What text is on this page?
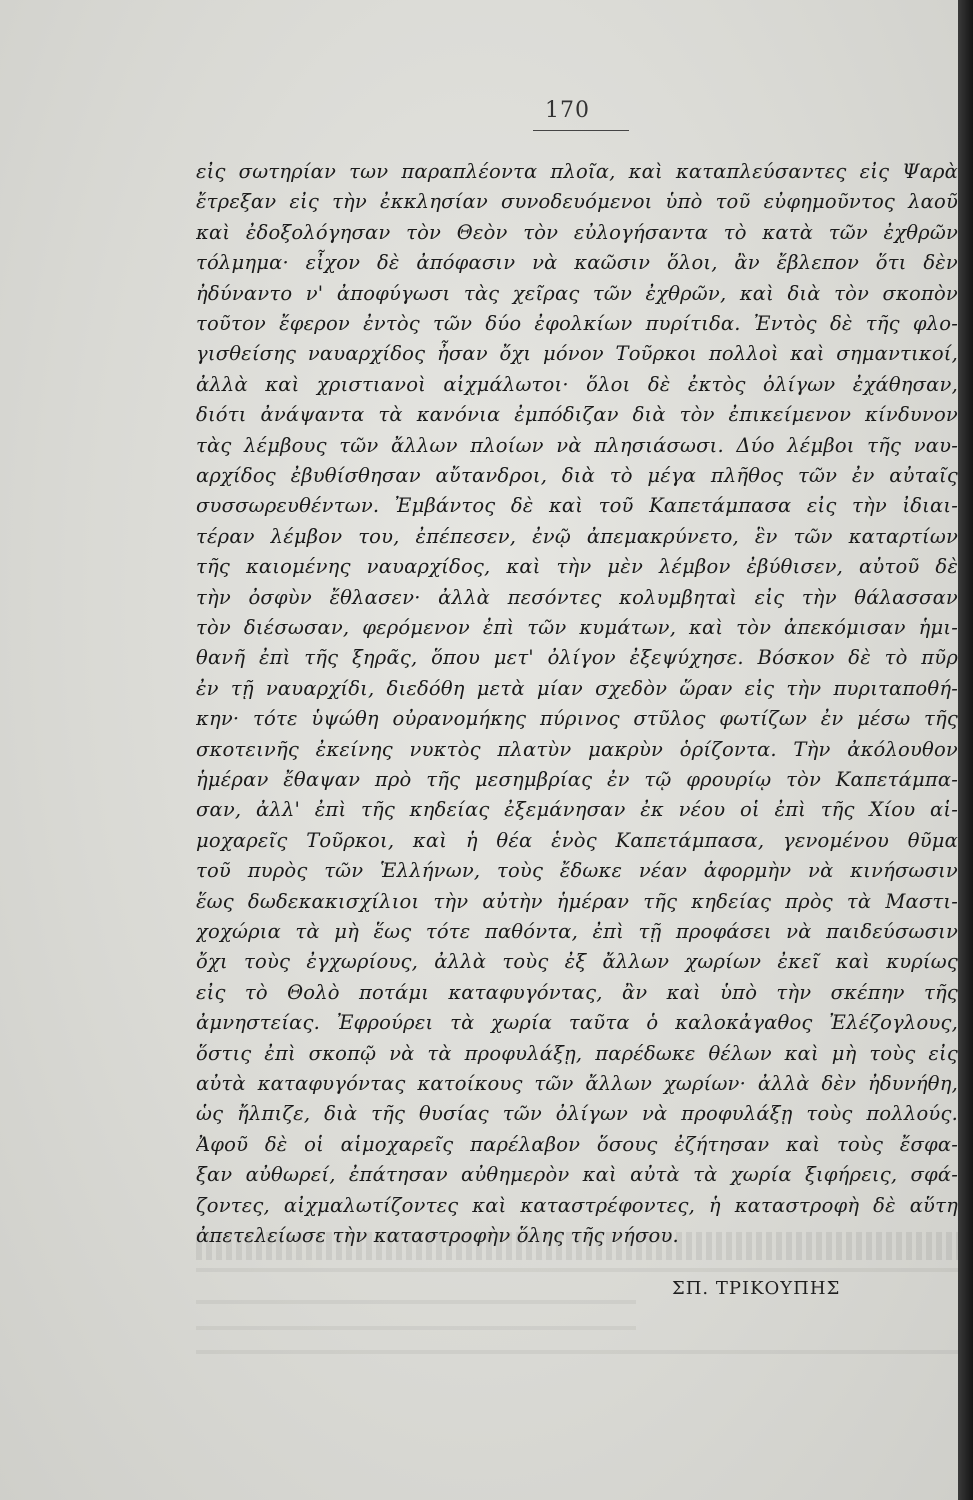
170
εἰς σωτηρίαν των παραπλέοντα πλοῖα, καὶ καταπλεύσαντες εἰς Ψαρὰ
ἔτρεξαν εἰς τὴν ἐκκλησίαν συνοδευόμενοι ὑπὸ τοῦ εὐφημοῦντος λαοῦ
καὶ ἐδοξολόγησαν τὸν Θεὸν τὸν εὐλογήσαντα τὸ κατὰ τῶν ἐχθρῶν
τόλμημα· εἶχον δὲ ἀπόφασιν νὰ καῶσιν ὅλοι, ἂν ἔβλεπον ὅτι δὲν
ἠδύναντο ν' ἀποφύγωσι τὰς χεῖρας τῶν ἐχθρῶν, καὶ διὰ τὸν σκοπὸν
τοῦτον ἔφερον ἐντὸς τῶν δύο ἐφολκίων πυρίτιδα. Ἐντὸς δὲ τῆς φλο-
γισθείσης ναυαρχίδος ἦσαν ὄχι μόνον Τοῦρκοι πολλοὶ καὶ σημαντικοί,
ἀλλὰ καὶ χριστιανοὶ αἰχμάλωτοι· ὅλοι δὲ ἐκτὸς ὀλίγων ἐχάθησαν,
διότι ἀνάψαντα τὰ κανόνια ἐμπόδιζαν διὰ τὸν ἐπικείμενον κίνδυνον
τὰς λέμβους τῶν ἄλλων πλοίων νὰ πλησιάσωσι. Δύο λέμβοι τῆς ναυ-
αρχίδος ἐβυθίσθησαν αὔτανδροι, διὰ τὸ μέγα πλῆθος τῶν ἐν αὐταῖς
συσσωρευθέντων. Ἐμβάντος δὲ καὶ τοῦ Καπετάμπασα εἰς τὴν ἰδιαι-
τέραν λέμβον του, ἐπέπεσεν, ἐνῷ ἀπεμακρύνετο, ἓν τῶν καταρτίων
τῆς καιομένης ναυαρχίδος, καὶ τὴν μὲν λέμβον ἐβύθισεν, αὐτοῦ δὲ
τὴν ὀσφὺν ἔθλασεν· ἀλλὰ πεσόντες κολυμβηταὶ εἰς τὴν θάλασσαν
τὸν διέσωσαν, φερόμενον ἐπὶ τῶν κυμάτων, καὶ τὸν ἀπεκόμισαν ἡμι-
θανῆ ἐπὶ τῆς ξηρᾶς, ὅπου μετ' ὀλίγον ἐξεψύχησε. Βόσκον δὲ τὸ πῦρ
ἐν τῇ ναυαρχίδι, διεδόθη μετὰ μίαν σχεδὸν ὥραν εἰς τὴν πυριταποθή-
κην· τότε ὑψώθη οὐρανομήκης πύρινος στῦλος φωτίζων ἐν μέσω τῆς
σκοτεινῆς ἐκείνης νυκτὸς πλατὺν μακρὺν ὁρίζοντα. Τὴν ἀκόλουθον
ἡμέραν ἔθαψαν πρὸ τῆς μεσημβρίας ἐν τῷ φρουρίῳ τὸν Καπετάμπα-
σαν, ἀλλ' ἐπὶ τῆς κηδείας ἐξεμάνησαν ἐκ νέου οἱ ἐπὶ τῆς Χίου αἱ-
μοχαρεῖς Τοῦρκοι, καὶ ἡ θέα ἑνὸς Καπετάμπασα, γενομένου θῦμα
τοῦ πυρὸς τῶν Ἑλλήνων, τοὺς ἔδωκε νέαν ἀφορμὴν νὰ κινήσωσιν
ἕως δωδεκακισχίλιοι τὴν αὐτὴν ἡμέραν τῆς κηδείας πρὸς τὰ Μαστι-
χοχώρια τὰ μὴ ἕως τότε παθόντα, ἐπὶ τῇ προφάσει νὰ παιδεύσωσιν
ὄχι τοὺς ἐγχωρίους, ἀλλὰ τοὺς ἐξ ἄλλων χωρίων ἐκεῖ καὶ κυρίως
εἰς τὸ Θολὸ ποτάμι καταφυγόντας, ἂν καὶ ὑπὸ τὴν σκέπην τῆς
ἀμνηστείας. Ἐφρούρει τὰ χωρία ταῦτα ὁ καλοκἀγαθος Ἐλέζογλους,
ὅστις ἐπὶ σκοπῷ νὰ τὰ προφυλάξῃ, παρέδωκε θέλων καὶ μὴ τοὺς εἰς
αὐτὰ καταφυγόντας κατοίκους τῶν ἄλλων χωρίων· ἀλλὰ δὲν ἠδυνήθη,
ὡς ἤλπιζε, διὰ τῆς θυσίας τῶν ὀλίγων νὰ προφυλάξῃ τοὺς πολλούς.
Ἀφοῦ δὲ οἱ αἱμοχαρεῖς παρέλαβον ὅσους ἐζήτησαν καὶ τοὺς ἔσφα-
ξαν αὐθωρεί, ἐπάτησαν αὐθημερὸν καὶ αὐτὰ τὰ χωρία ξιφήρεις, σφά-
ζοντες, αἰχμαλωτίζοντες καὶ καταστρέφοντες, ἡ καταστροφὴ δὲ αὕτη
ἀπετελείωσε τὴν καταστροφὴν ὅλης τῆς νήσου.
ΣΠ. ΤΡΙΚΟΥΠΗΣ
